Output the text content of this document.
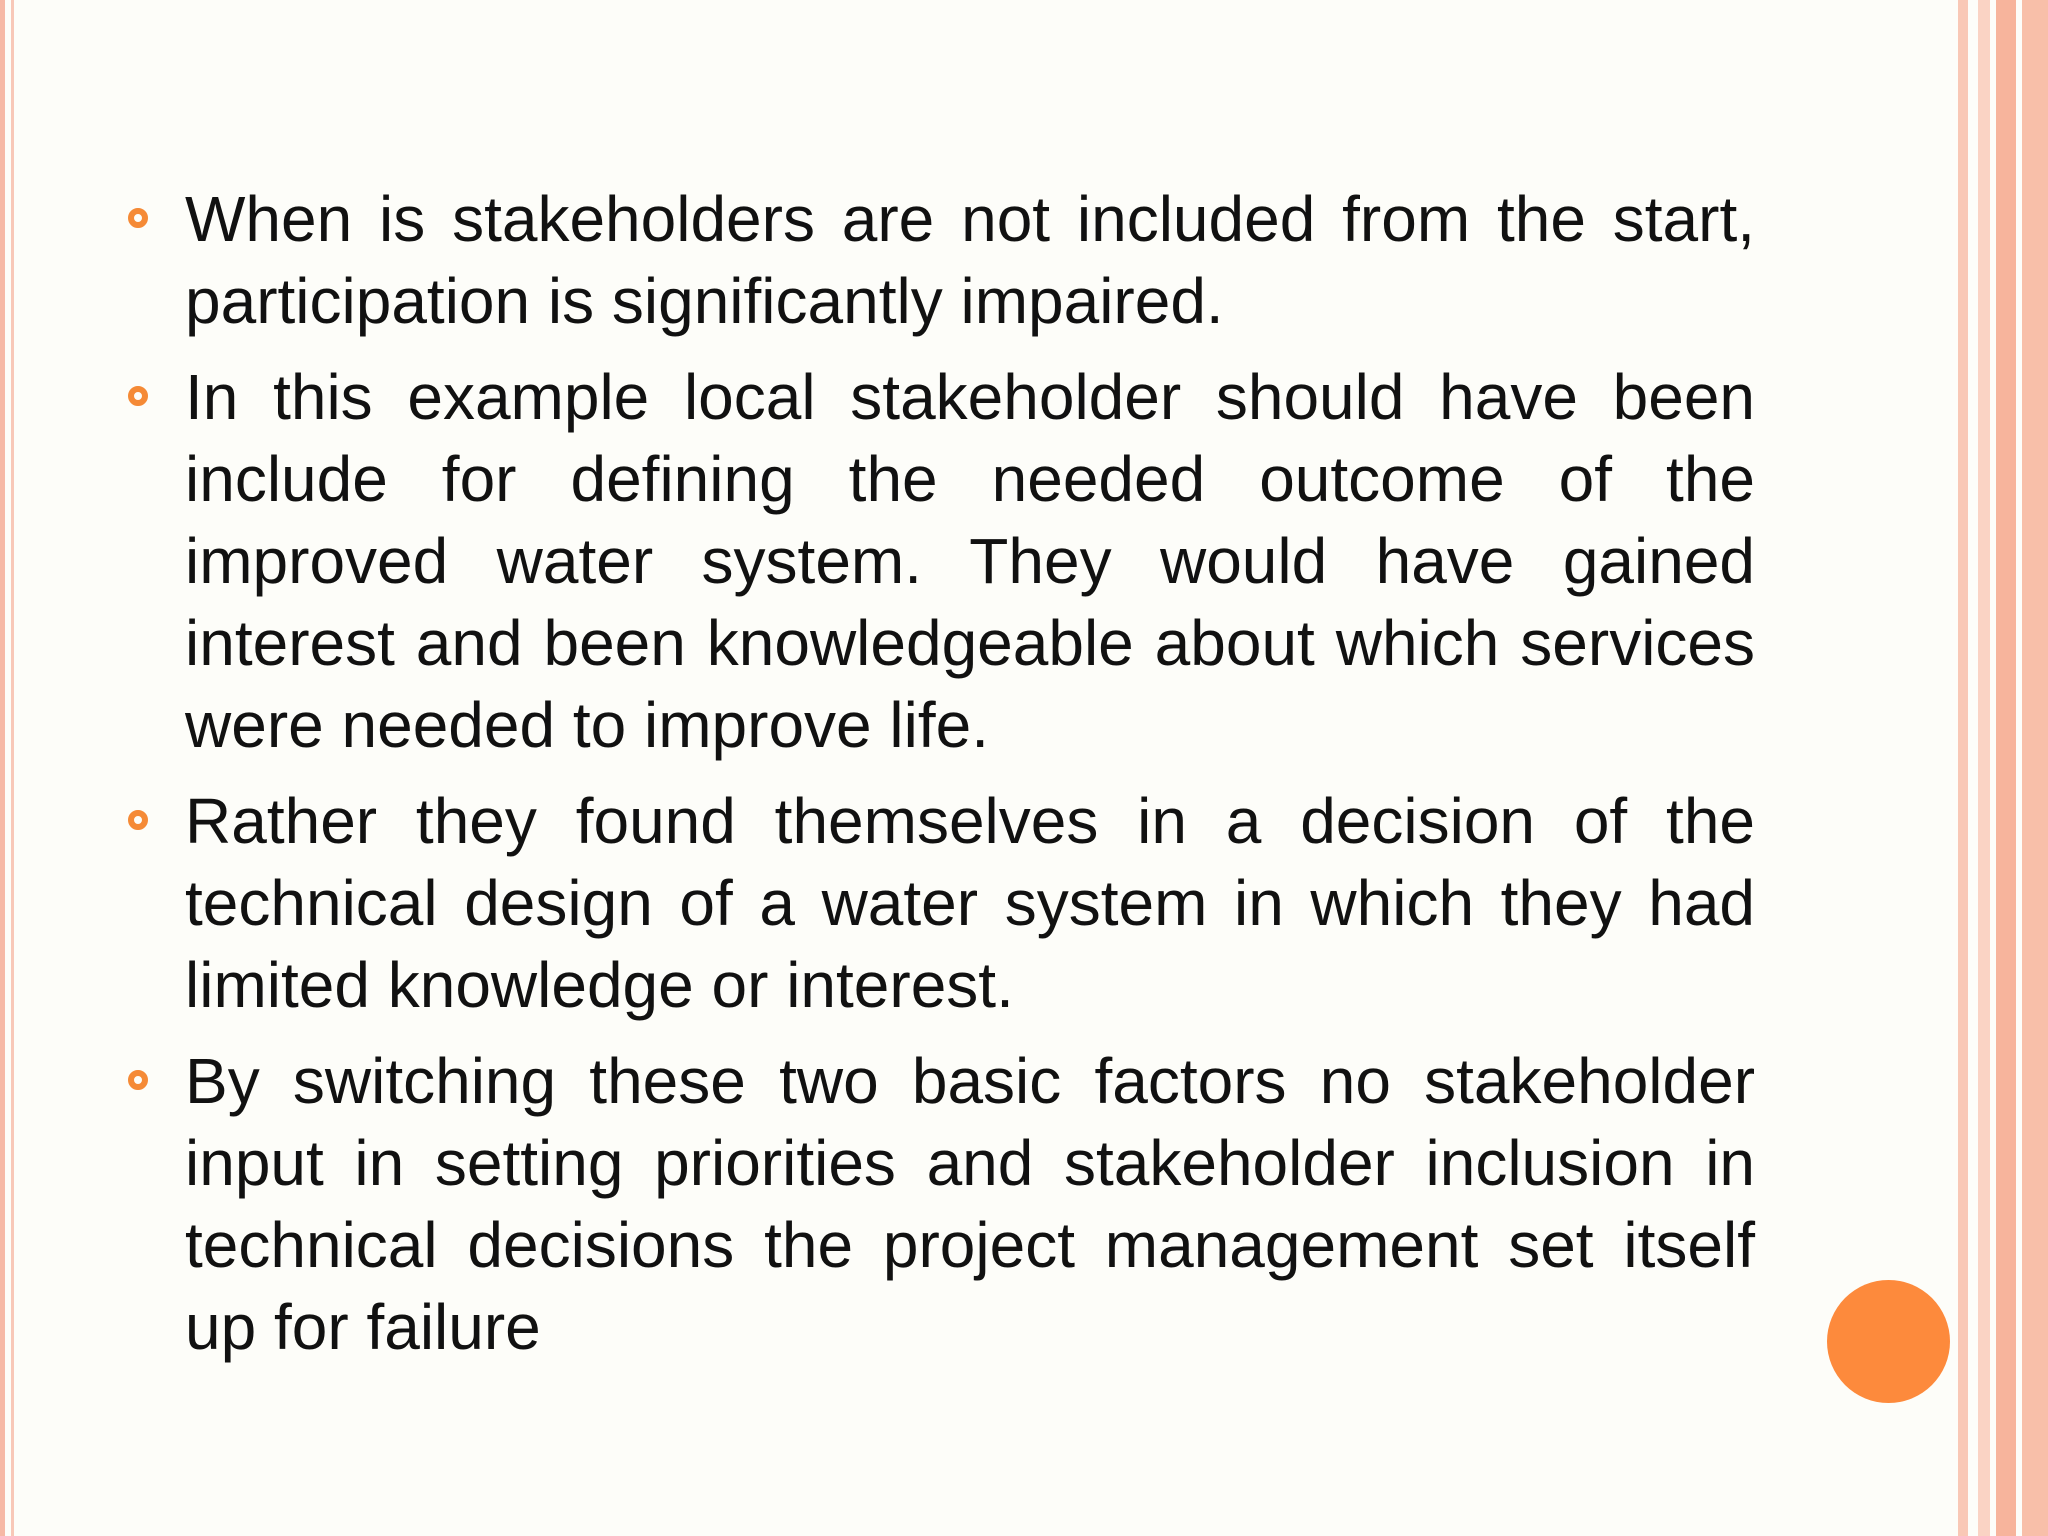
When is stakeholders are not included from the start, participation is significantly impaired.

In this example local stakeholder should have been include for defining the needed outcome of the improved water system. They would have gained interest and been knowledgeable about which services were needed to improve life.

Rather they found themselves in a decision of the technical design of a water system in which they had limited knowledge or interest.

By switching these two basic factors no stakeholder input in setting priorities and stakeholder inclusion in technical decisions the project management set itself up for failure
